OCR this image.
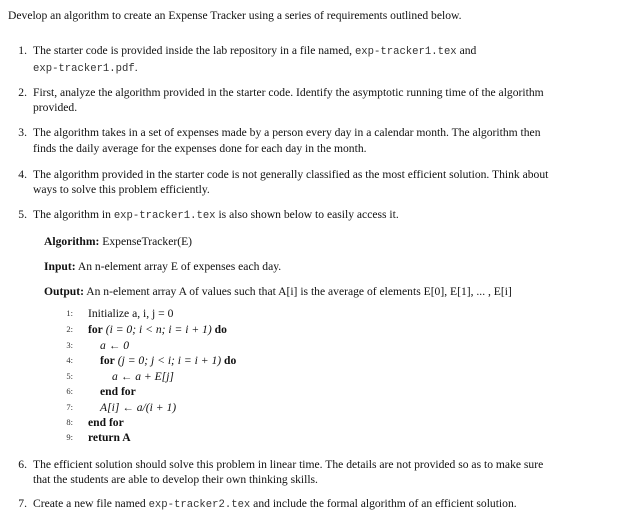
Develop an algorithm to create an Expense Tracker using a series of requirements outlined below.
1. The starter code is provided inside the lab repository in a file named, exp-tracker1.tex and
exp-tracker1.pdf.
2. First, analyze the algorithm provided in the starter code. Identify the asymptotic running time of the algorithm
provided.
3. The algorithm takes in a set of expenses made by a person every day in a calendar month. The algorithm then
finds the daily average for the expenses done for each day in the month.
4. The algorithm provided in the starter code is not generally classified as the most efficient solution. Think about
ways to solve this problem efficiently.
5. The algorithm in exp-tracker1.tex is also shown below to easily access it.
Algorithm: ExpenseTracker(E)
Input: An n-element array E of expenses each day.
Output: An n-element array A of values such that A[i] is the average of elements E[0], E[1], ... , E[i]
1: Initialize a, i, j = 0
2: for (i = 0; i < n; i = i + 1) do
3: a ← 0
4: for (j = 0; j < i; i = i + 1) do
5:	a ← a + E[j]
6: end for
7: A[i] ← a/(i + 1)
8: end for
9: return A
6. The efficient solution should solve this problem in linear time. The details are not provided so as to make sure
that the students are able to develop their own thinking skills.
7. Create a new file named exp-tracker2.tex and include the formal algorithm of an efficient solution.
